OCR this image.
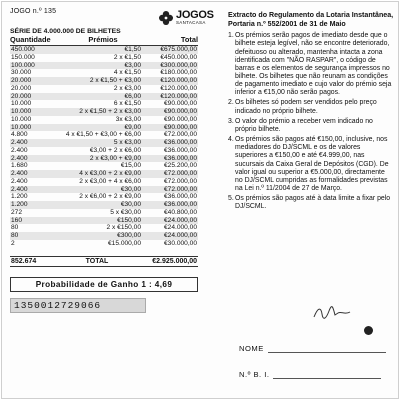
JOGO n.º 135
SÉRIE DE 4.000.000 DE BILHETES
Quantidade	Prémios	Total
450.000	€1,50	€675.000,00
150.000	2 x €1,50	€450.000,00
100.000	€3,00	€300.000,00
30.000	4 x €1,50	€180.000,00
20.000	2 x €1,50 + €3,00	€120.000,00
20.000	2 x €3,00	€120.000,00
20.000	€6,00	€120.000,00
10.000	6 x €1,50	€90.000,00
10.000	2 x €1,50 + 2 x €3,00	€90.000,00
10.000	3x €3,00	€90.000,00
10.000	€9,00	€90.000,00
4.800	4 x €1,50 + €3,00 + €6,00	€72.000,00
2.400	5 x €3,00	€36.000,00
2.400	€3,00 + 2 x €6,00	€36.000,00
2.400	2 x €3,00 + €9,00	€36.000,00
1.680	€15,00	€25.200,00
2.400	4 x €3,00 + 2 x €9,00	€72.000,00
2.400	2 x €3,00 + 4 x €6,00	€72.000,00
2.400	€30,00	€72.000,00
1.200	2 x €6,00 + 2 x €9,00	€36.000,00
1.200	€30,00	€36.000,00
272	5 x €30,00	€40.800,00
160	€150,00	€24.000,00
80	2 x €150,00	€24.000,00
80	€300,00	€24.000,00
2	€15.000,00	€30.000,00
852.674	TOTAL	€2.925.000,00
Probabilidade de Ganho 1 : 4,69
1350012729066
JOGOS
SANTACASA
Extracto do Regulamento da Lotaria Instantânea, Portaria n.º 552/2001 de 31 de Maio
1. Os prémios serão pagos de imediato desde que o bilhete esteja legível, não se encontre deteriorado, defeituoso ou alterado, mantenha intacta a zona identificada com "NÃO RASPAR", o código de barras e os elementos de segurança impressos no bilhete. Os bilhetes que não reunam as condições de pagamento imediato e cujo valor do prémio seja inferior a €15,00 não serão pagos.
2. Os bilhetes só podem ser vendidos pelo preço indicado no próprio bilhete.
3. O valor do prémio a receber vem indicado no próprio bilhete.
4. Os prémios são pagos até €150,00, inclusive, nos mediadores do DJ/SCML e os de valores superiores a €150,00 e até €4.999,00, nas sucursais da Caixa Geral de Depósitos (CGD). De valor igual ou superior a €5.000,00, directamente no DJ/SCML cumpridas as formalidades previstas na Lei n.º 11/2004 de 27 de Março.
5. Os prémios são pagos até à data limite a fixar pelo DJ/SCML.
NOME
N.º B. I.
